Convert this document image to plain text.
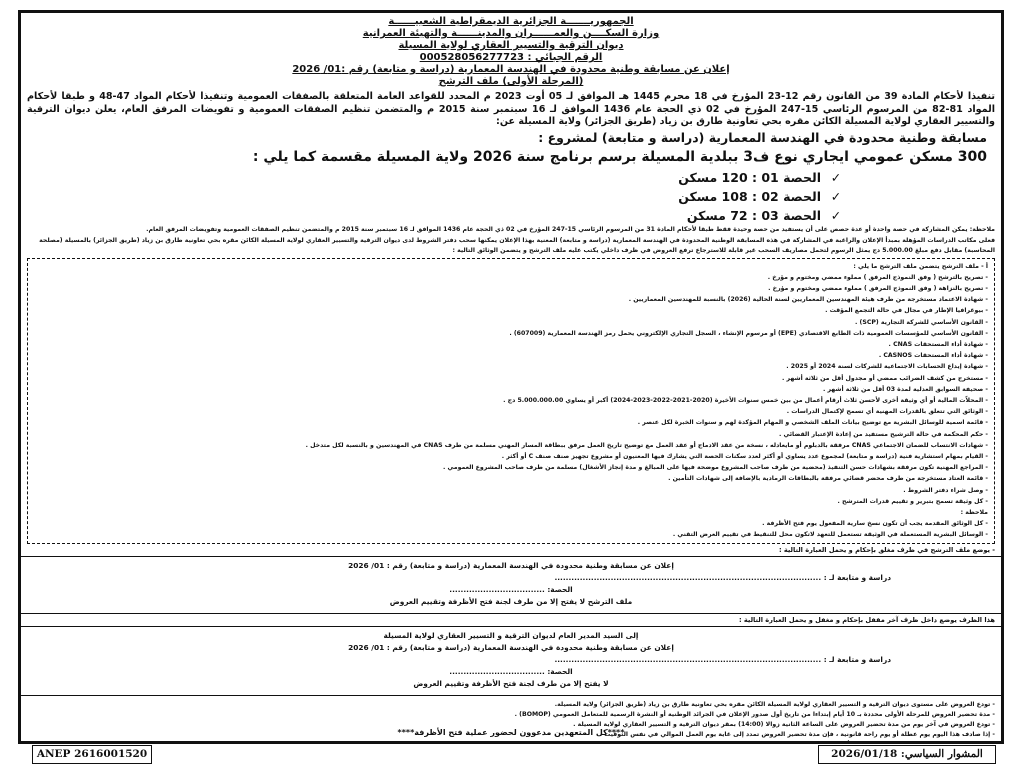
الجمهوريـــــــة الجزائرية الديمقراطية الشعبيــــــة
وزارة السكــــن والعمــــــران والمدينــــــة والتهيئة العمرانية
ديوان الترقية والتسيير العقاري لولاية المسيلة
الرقم الجبائي : 000528056277723
إعلان عن مسابقة وطنية محدودة في الهندسة المعمارية (دراسة و متابعة) رقم :01/ 2026
(المرحلة الأولى) ملف الترشح
تنفيذا لأحكام المادة 39 من القانون رقم 12-23 المؤرخ في 18 محرم 1445 هـ الموافق لـ 05 أوت 2023 م المحدد للقواعد العامة المتعلقة بالصفقات العمومية وتنفيذا لأحكام المواد 47-48 و طبقا لأحكام المواد 81-82 من المرسوم الرئاسي 15-247 المؤرخ في 02 ذي الحجة عام 1436 الموافق لـ 16 سبتمبر سنة 2015 م والمتضمن تنظيم الصفقات العمومية و تفويضات المرفق العام، يعلن ديوان الترقية والتسيير العقاري لولاية المسيلة الكائن مقره بحي تعاونية طارق بن زياد (طريق الجزائر) ولاية المسيلة عن:
مسابقة وطنية محدودة في الهندسة المعمارية (دراسة و متابعة) لمشروع :
300 مسكن عمومي ايجاري نوع ف3 ببلدية المسيلة برسم برنامج سنة 2026 ولاية المسيلة مقسمة كما يلي :
✓الحصة 01 : 120 مسكن
✓الحصة 02 : 108 مسكن
✓الحصة 03 : 72 مسكن
ملاحظة: يمكن المشاركة في حصة واحدة أو عدة حصص على أن يستفيد من حصة وحيدة فقط طبقا لأحكام المادة 31 من المرسوم الرئاسي 15-247 المؤرخ في 02 ذي الحجة عام 1436 الموافق لـ 16 سبتمبر سنة 2015 م والمتضمن تنظيم الصفقات العمومية وتفويضات المرفق العام.
فعلى مكاتب الدراسات المؤهلة بمبدأ الإعلان والراغبة في المشاركة في هذه المسابقة الوطنية المحدودة في الهندسة المعمارية (دراسة و متابعة) المعنية بهذا الإعلان يمكنها سحب دفتر الشروط لدى ديوان الترقية والتسيير العقاري لولاية المسيلة الكائن مقره بحي تعاونية طارق بن زياد (طريق الجزائر) بالمسيلة (مصلحة المحاسبة) مقابل دفع مبلغ 5.000.00 دج يمثل الرسوم لتحمل مصاريف السحب غير قابلة للاسترجاع ترفع العروض في ظرف داخلي يكتب عليه ملف الترشح و يتضمن الوثائق التالية :
أ - ملف الترشح يتضمن ملف الترشح ما يلي :
- تصريح بالترشح ( وفق النموذج المرفق ) مملوء ممضي ومختوم و مؤرخ .
- تصريح بالنزاهة ( وفق النموذج المرفق ) مملوء ممضي ومختوم و مؤرخ .
- شهادة الاعتماد مستخرجة من طرف هيئة المهندسين المعماريين لسنة الحالية (2026) بالنسبة للمهندسين المعماريين .
- بيوغرافيا الإطار في مجال في حالة التجمع المؤقت .
- القانون الأساسي للشركة التجارية (SCP) .
- القانون الأساسي للمؤسسات العمومية ذات الطابع الاقتصادي (EPE) أو مرسوم الإنشاء ، السجل التجاري الإلكتروني يحمل رمز الهندسة المعمارية (607009) .
- شهادة أداء المستحقات CNAS .
- شهادة أداء المستحقات CASNOS .
- شهادة إيداع الحسابات الاجتماعية للشركات لسنة 2024 أو 2025 .
- مستخرج من كشف الضرائب ممضي أو مجدول أقل من ثلاثة أشهر .
- صحيفة السوابق العدلية لمدة 03 أقل من ثلاثة أشهر .
- المحلاّت المالية أو أي وثيقة أخرى لأحسن ثلاث أرقام أعمال من بين خمس سنوات الأخيرة (2020-2021-2022-2023-2024) أكبر أو يساوي 5.000.000.00 دج .
- الوثائق التي تتعلق بالقدرات المهنية أي تسمح لإكتمال الدراسات .
- قائمة اسمية للوسائل البشرية مع توضيح بيانات الملف الشخصي و المهام المؤكدة لهم و سنوات الخبرة لكل عنصر .
- حكم المحكمة في حالة الترشيح مستفيد من إعادة الإعتبار القضائي .
- شهادات الانتساب للضمان الاجتماعي CNAS مرفقة بالدبلوم أو مايعادله ، نسخة من عقد الادماج أو عقد العمل مع توضيح تاريخ العمل مرفق ببطاقة المسار المهني مسلمة من طرف CNAS في المهندسين و بالنسبة لكل متدخل .
- القيام بمهام استشارية فنية (دراسة و متابعة) لمجموع عدد يساوي أو أكثر لعدد سكنات الحصة التي يشارك فيها المعنيون أو مشروع تجهيز صنف صنف C أو أكثر .
- المراجع المهنية تكون مرفقة بشهادات حسن التنفيذ (محضية من طرف صاحب المشروع موضحة فيها على المبالغ و مدة إنجاز الأشغال) مسلمة من طرف صاحب المشروع العمومي .
- قائمة العتاد مستخرجة من طرف محضر قضائي مرفقة بالبطاقات الرمادية بالإضافة إلى شهادات التأمين .
- وصل شراء دفتر الشروط .
- كل وثيقة تسمح بتبرير و تقييم قدرات المترشح .
ملاحظة :
- كل الوثائق المقدمة يجب أن تكون نسخ سارية المفعول يوم فتح الأظرفة .
- الوسائل البشرية المستعملة في الوثيقة تستعمل للتعهد لاتكون محل للتنقيط في تقييم العرض التقني .
- يوضع ملف الترشح في ظرف مغلق بإحكام و يحمل العبارة التالية :
إعلان عن مسابقة وطنية محدودة في الهندسة المعمارية (دراسة و متابعة) رقم : 01/ 2026
دراسة و متابعة لـ : ...............................................................................................
الحصة: ..................................
ملف الترشح لا يفتح إلا من طرف لجنة فتح الأظرفة وتقييم العروض
هذا الظرف يوضع داخل ظرف آخر مقفل بإحكام و مغفل و يحمل العبارة التالية :
إلى السيد المدير العام لديوان الترقية و التسيير العقاري لولاية المسيلة
إعلان عن مسابقة وطنية محدودة في الهندسة المعمارية (دراسة و متابعة) رقم : 01/ 2026
دراسة و متابعة لـ : ...............................................................................................
الحصة: ..................................
لا يفتح إلا من طرف لجنة فتح الأظرفة وتقييم العروض
- تودع العروض على مستوى ديوان الترقية و التسيير العقاري لولاية المسيلة الكائن مقره بحي تعاونية طارق بن زياد (طريق الجزائر) ولاية المسيلة.
- مدة تحضير العروض للمرحلة الأولى محددة بـ 10 أيام إبتداءا من تاريخ أول صدور الإعلان في الجرائد الوطنية أو النشرة الرسمية للمتعامل العمومي (BOMOP) .
- تودع العروض في آخر يوم من مدة تحضير العروض على الساعة الثانية زوالا (14:00) بمقر ديوان الترقية و التسيير العقاري لولاية المسيلة .
- إذا صادف هذا اليوم يوم عطلة أو يوم راحة قانونية ، فإن مدة تحضير العروض تمدد إلى غاية يوم العمل الموالي في نفس التوقيت .
****كل المتعهدين مدعوون لحضور عملية فتح الأظرفة****
ANEP 2616001520	المشوار السياسي: 2026/01/18
